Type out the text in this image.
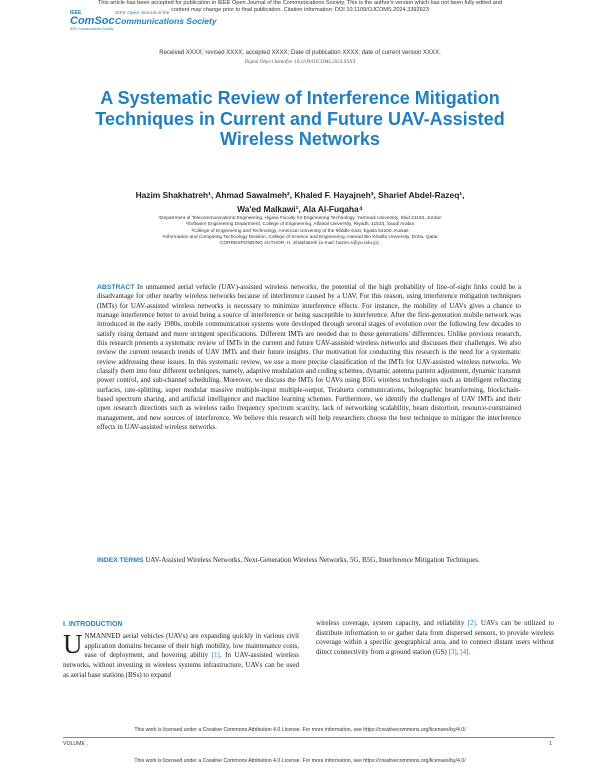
This article has been accepted for publication in IEEE Open Journal of the Communications Society. This is the author's version which has not been fully edited and
content may change prior to final publication. Citation information: DOI 10.1109/OJCOMS.2024.3392623
IEEE
ComSoc
IEEE Communications Society
IEEE Open Journal of the
Communications Society
Received XXXX; revised XXXX; accepted XXXX; Date of publication XXXX; date of current version XXXX.
Digital Object Identifier 10.1109/OJCOMS.2024.XXXX
A Systematic Review of Interference Mitigation Techniques in Current and Future UAV-Assisted Wireless Networks
Hazim Shakhatreh¹, Ahmad Sawalmeh², Khaled F. Hayajneh³, Sharief Abdel-Razeq¹,
Wa'ed Malkawi¹, Ala Al-Fuqaha⁴
¹Department of Telecommunications Engineering, Hijjawi Faculty for Engineering Technology, Yarmouk University, Irbid 21163, Jordan
²Software Engineering Department, College of Engineering, Alfaisal University, Riyadh, 11533, Saudi Arabia
³College of Engineering and Technology, American University of the Middle East, Egaila 54200, Kuwait
⁴Information and Computing Technology Division, College of Science and Engineering, Hamad Bin Khalifa University, Doha, Qatar
CORRESPONDING AUTHOR: H. Shakhatreh (e-mail: hazim.s@yu.edu.jo).
ABSTRACT In unmanned aerial vehicle (UAV)-assisted wireless networks, the potential of the high probability of line-of-sight links could be a disadvantage for other nearby wireless networks because of interference caused by a UAV. For this reason, using interference mitigation techniques (IMTs) for UAV-assisted wireless networks is necessary to minimize interference effects. For instance, the mobility of UAVs gives a chance to manage interference better to avoid being a source of interference or being susceptible to interference. After the first-generation mobile network was introduced in the early 1980s, mobile communication systems were developed through several stages of evolution over the following few decades to satisfy rising demand and more stringent specifications. Different IMTs are needed due to these generations' differences. Unlike previous research, this research presents a systematic review of IMTs in the current and future UAV-assisted wireless networks and discusses their challenges. We also review the current research trends of UAV IMTs and their future insights. Our motivation for conducting this research is the need for a systematic review addressing these issues. In this systematic review, we use a more precise classification of the IMTs for UAV-assisted wireless networks. We classify them into four different techniques, namely, adaptive modulation and coding schemes, dynamic antenna pattern adjustment, dynamic transmit power control, and sub-channel scheduling. Moreover, we discuss the IMTs for UAVs using B5G wireless technologies such as intelligent reflecting surfaces, rate-splitting, super modular massive multiple-input multiple-output, Terahertz communications, holographic beamforming, blockchain-based spectrum sharing, and artificial intelligence and machine learning schemes. Furthermore, we identify the challenges of UAV IMTs and their open research directions such as wireless radio frequency spectrum scarcity, lack of networking scalability, beam distortion, resource-constrained management, and new sources of interference. We believe this research will help researchers choose the best technique to mitigate the interference effects in UAV-assisted wireless networks.
INDEX TERMS UAV-Assisted Wireless Networks, Next-Generation Wireless Networks, 5G, B5G, Interference Mitigation Techniques.
I. INTRODUCTION
U NMANNED aerial vehicles (UAVs) are expanding quickly in various civil application domains because of their high mobility, low maintenance costs, ease of deployment, and hovering ability [1]. In UAV-assisted wireless networks, without investing in wireless systems infrastructure, UAVs can be used as aerial base stations (BSs) to expand
wireless coverage, system capacity, and reliability [2]. UAVs can be utilized to distribute information to or gather data from dispersed sensors, to provide wireless coverage within a specific geographical area, and to connect distant users without direct connectivity from a ground station (GS) [3], [4].
This work is licensed under a Creative Commons Attribution 4.0 License. For more information, see https://creativecommons.org/licenses/by/4.0/
VOLUME ,	1
This work is licensed under a Creative Commons Attribution 4.0 License. For more information, see https://creativecommons.org/licenses/by/4.0/
